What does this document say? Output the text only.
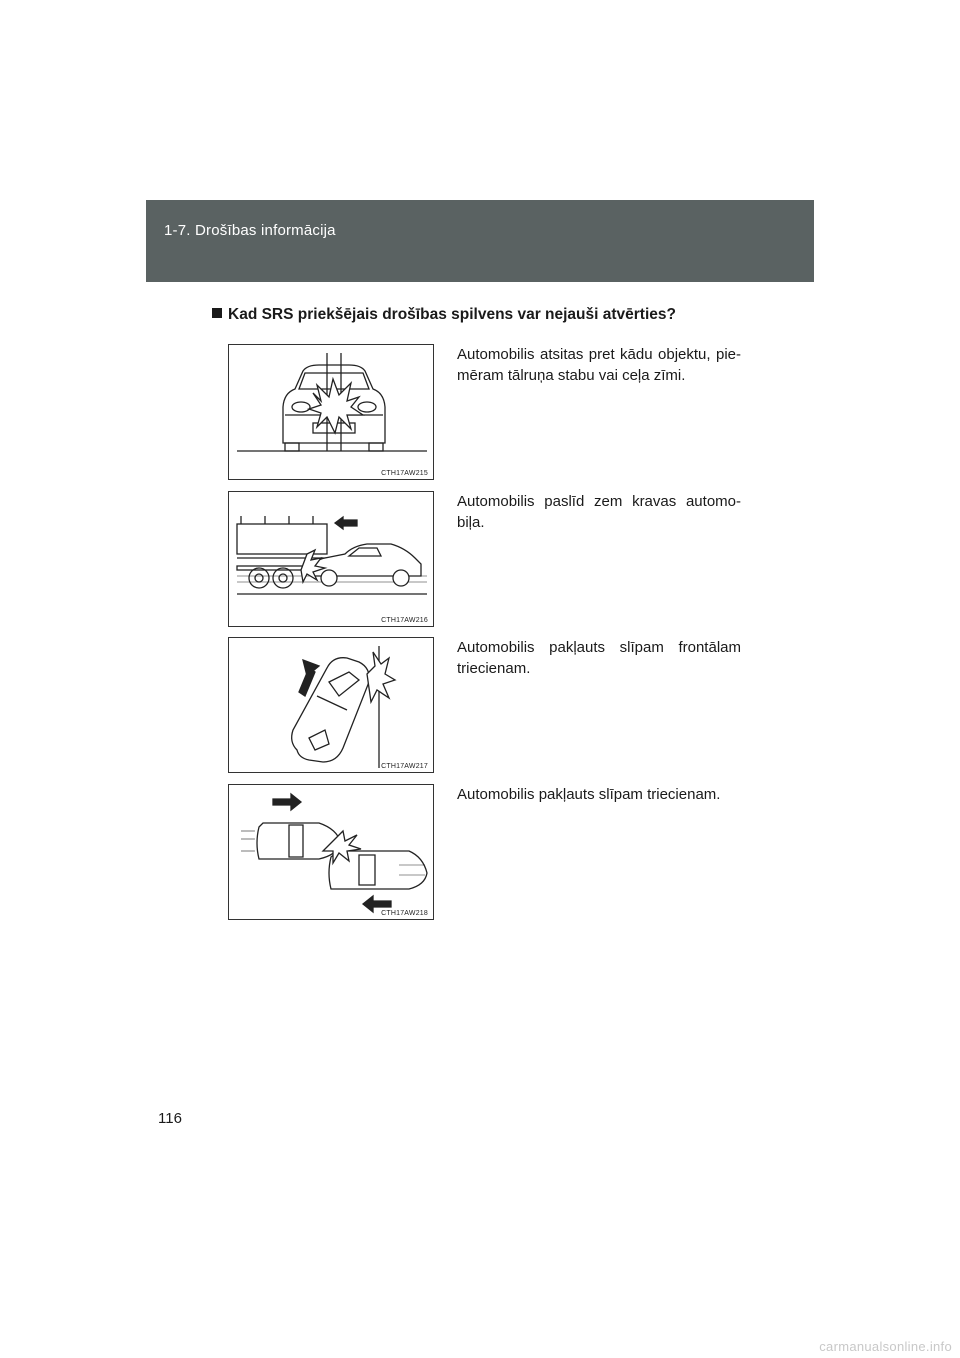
1-7. Drošības informācija
Kad SRS priekšējais drošības spilvens var nejauši atvērties?
CTH17AW215
Automobilis atsitas pret kādu objektu, pie-mēram tālruņa stabu vai ceļa zīmi.
CTH17AW216
Automobilis paslīd zem kravas automo-biļa.
CTH17AW217
Automobilis pakļauts slīpam frontālam triecienam.
CTH17AW218
Automobilis pakļauts slīpam triecienam.
116
carmanualsonline.info
